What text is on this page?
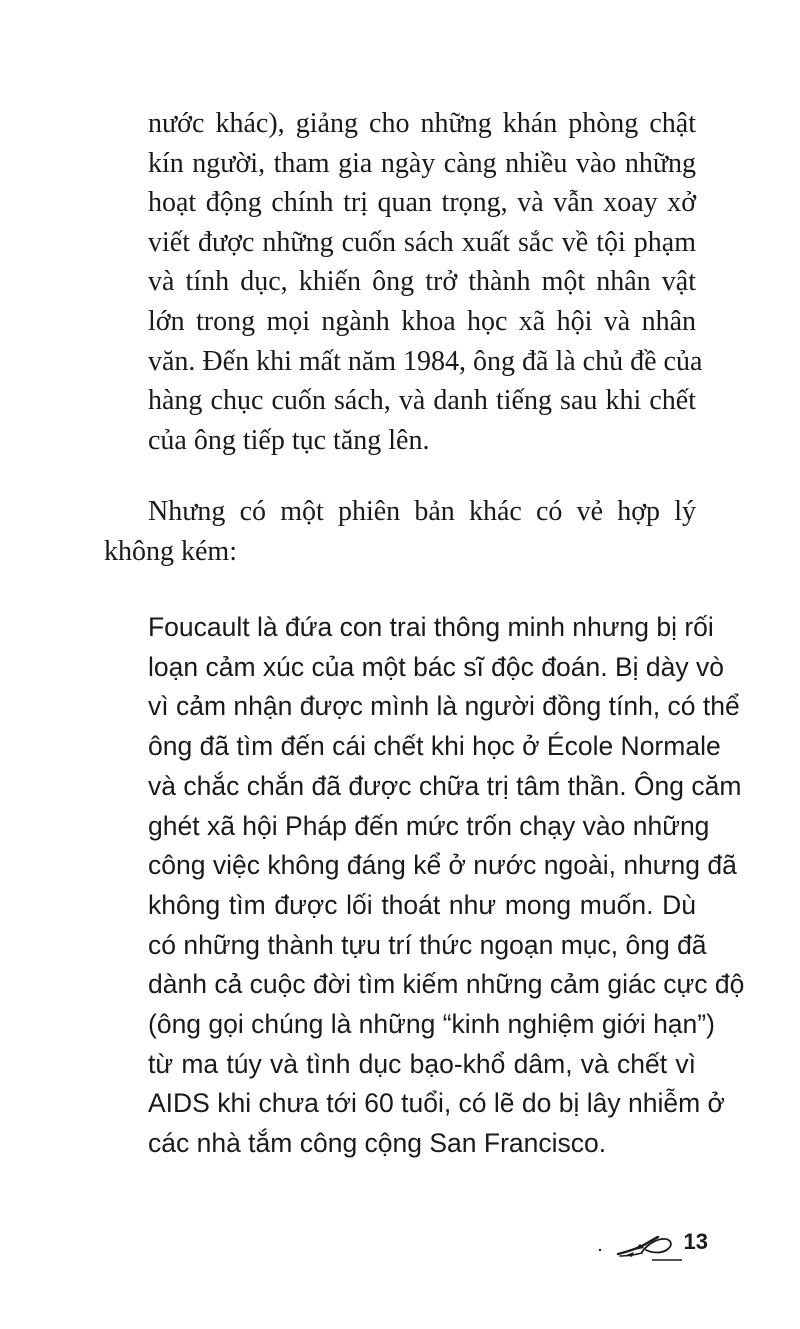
nước khác), giảng cho những khán phòng chật
kín người, tham gia ngày càng nhiều vào những
hoạt động chính trị quan trọng, và vẫn xoay xở
viết được những cuốn sách xuất sắc về tội phạm
và tính dục, khiến ông trở thành một nhân vật
lớn trong mọi ngành khoa học xã hội và nhân
văn. Đến khi mất năm 1984, ông đã là chủ đề của
hàng chục cuốn sách, và danh tiếng sau khi chết
của ông tiếp tục tăng lên.

Nhưng có một phiên bản khác có vẻ hợp lý
không kém:

Foucault là đứa con trai thông minh nhưng bị rối
loạn cảm xúc của một bác sĩ độc đoán. Bị dày vò
vì cảm nhận được mình là người đồng tính, có thể
ông đã tìm đến cái chết khi học ở École Normale
và chắc chắn đã được chữa trị tâm thần. Ông căm
ghét xã hội Pháp đến mức trốn chạy vào những
công việc không đáng kể ở nước ngoài, nhưng đã
không tìm được lối thoát như mong muốn. Dù
có những thành tựu trí thức ngoạn mục, ông đã
dành cả cuộc đời tìm kiếm những cảm giác cực độ
(ông gọi chúng là những “kinh nghiệm giới hạn”)
từ ma túy và tình dục bạo-khổ dâm, và chết vì
AIDS khi chưa tới 60 tuổi, có lẽ do bị lây nhiễm ở
các nhà tắm công cộng San Francisco.

13
